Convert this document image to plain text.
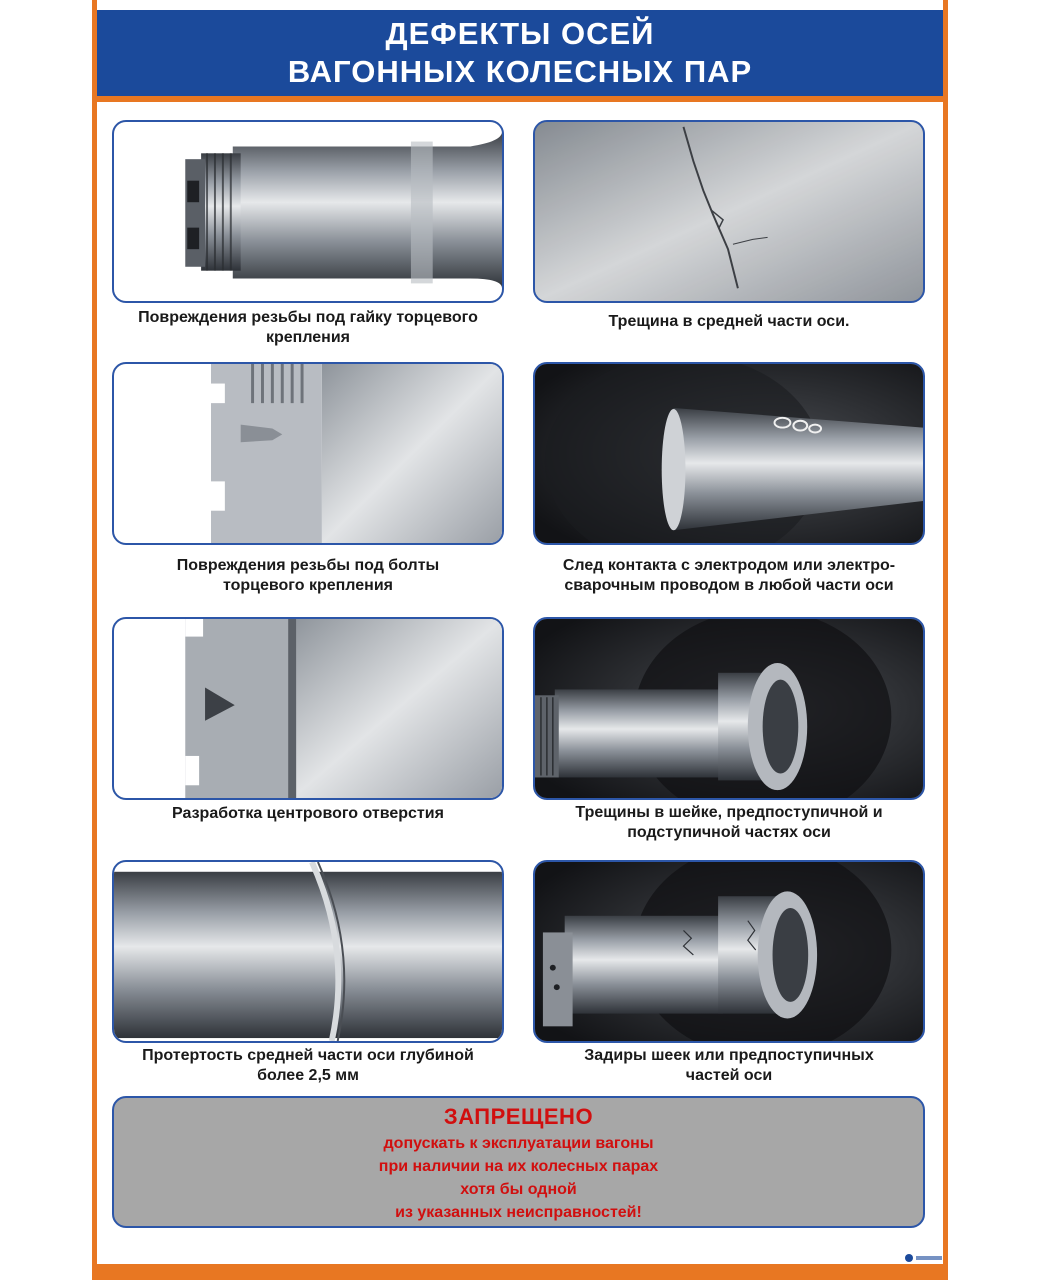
ДЕФЕКТЫ ОСЕЙ
ВАГОННЫХ КОЛЕСНЫХ ПАР
Повреждения резьбы под гайку торцевого
крепления
Трещина в средней части оси.
Повреждения резьбы под болты
торцевого крепления
След контакта с электродом или электро-
сварочным проводом в любой части оси
Разработка центрового отверстия	Трещины в шейке, предпоступичной и
подступичной частях оси
Протертость средней части оси глубиной
более 2,5 мм
Задиры шеек или предпоступичных
частей оси
ЗАПРЕЩЕНО
допускать к эксплуатации вагоны
при наличии на их колесных парах
хотя бы одной
из указанных неисправностей!
